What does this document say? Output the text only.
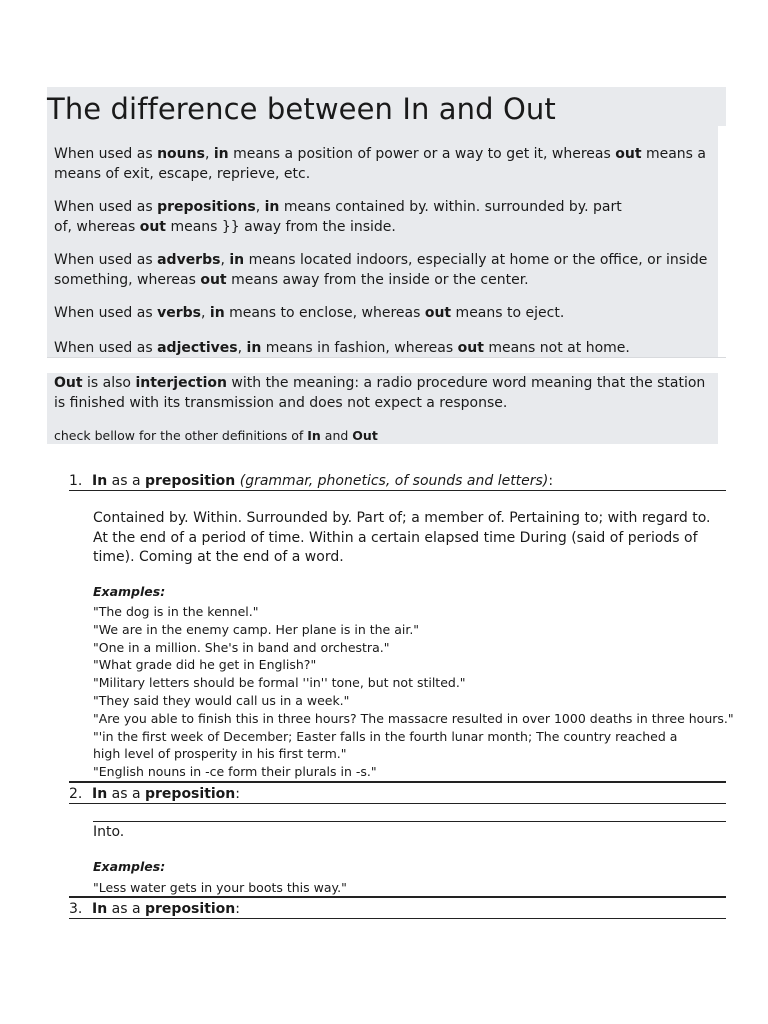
The difference between In and Out

When used as nouns, in means a position of power or a way to get it, whereas out means a means of exit, escape, reprieve, etc.

When used as prepositions, in means contained by. within. surrounded by. part of, whereas out means }} away from the inside.

When used as adverbs, in means located indoors, especially at home or the office, or inside something, whereas out means away from the inside or the center.

When used as verbs, in means to enclose, whereas out means to eject.

When used as adjectives, in means in fashion, whereas out means not at home.

Out is also interjection with the meaning: a radio procedure word meaning that the station is finished with its transmission and does not expect a response.

check bellow for the other definitions of In and Out

1. In as a preposition (grammar, phonetics, of sounds and letters):

Contained by. Within. Surrounded by. Part of; a member of. Pertaining to; with regard to. At the end of a period of time. Within a certain elapsed time During (said of periods of time). Coming at the end of a word.

Examples:

"The dog is in the kennel."
"We are in the enemy camp. Her plane is in the air."
"One in a million. She's in band and orchestra."
"What grade did he get in English?"
"Military letters should be formal ''in'' tone, but not stilted."
"They said they would call us in a week."
"Are you able to finish this in three hours? The massacre resulted in over 1000 deaths in three hours."
"'in the first week of December; Easter falls in the fourth lunar month; The country reached a high level of prosperity in his first term."
"English nouns in -ce form their plurals in -s."
2. In as a preposition:

Into.

Examples:

"Less water gets in your boots this way."
3. In as a preposition:
